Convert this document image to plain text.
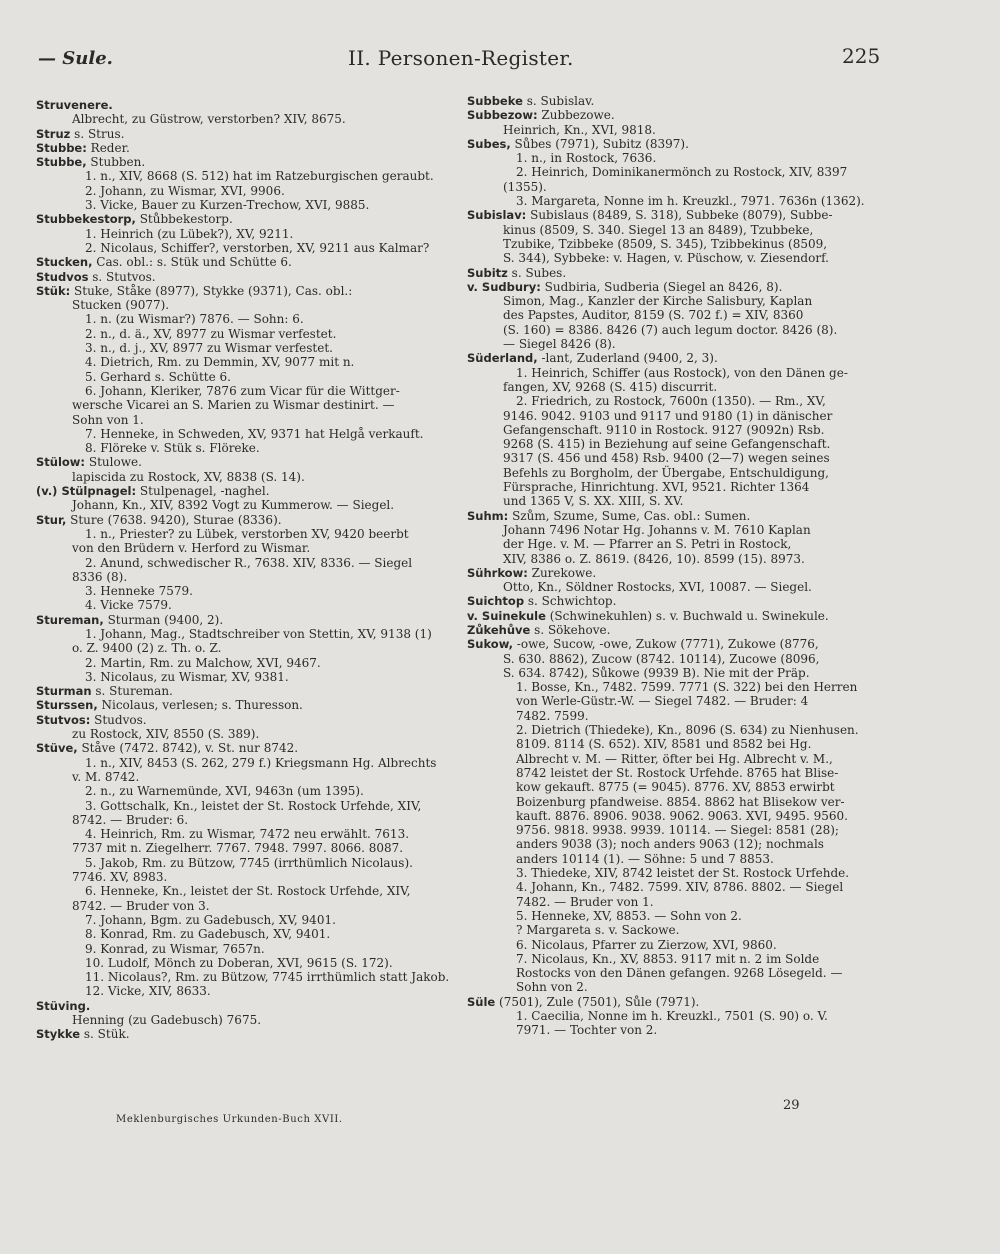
— Sule.	II. Personen-Register.	225
Struvenere.
Albrecht, zu Güstrow, verstorben? XIV, 8675.
Struz s. Strus.
Stubbe: Reder.
Stubbe, Stubben.
1. n., XIV, 8668 (S. 512) hat im Ratzeburgischen geraubt.
2. Johann, zu Wismar, XVI, 9906.
3. Vicke, Bauer zu Kurzen-Trechow, XVI, 9885.
Stubbekestorp, Stůbbekestorp.
1. Heinrich (zu Lübek?), XV, 9211.
2. Nicolaus, Schiffer?, verstorben, XV, 9211 aus Kalmar?
Stucken, Cas. obl.: s. Stük und Schütte 6.
Studvos s. Stutvos.
Stük: Stuke, Ståke (8977), Stykke (9371), Cas. obl.:
Stucken (9077).
1. n. (zu Wismar?) 7876. — Sohn: 6.
2. n., d. ä., XV, 8977 zu Wismar verfestet.
3. n., d. j., XV, 8977 zu Wismar verfestet.
4. Dietrich, Rm. zu Demmin, XV, 9077 mit n.
5. Gerhard s. Schütte 6.
6. Johann, Kleriker, 7876 zum Vicar für die Wittger-
wersche Vicarei an S. Marien zu Wismar destinirt. —
Sohn von 1.
7. Henneke, in Schweden, XV, 9371 hat Helgå verkauft.
8. Flöreke v. Stük s. Flöreke.
Stülow: Stulowe.
lapiscida zu Rostock, XV, 8838 (S. 14).
(v.) Stülpnagel: Stulpenagel, -naghel.
Johann, Kn., XIV, 8392 Vogt zu Kummerow. — Siegel.
Stur, Sture (7638. 9420), Sturae (8336).
1. n., Priester? zu Lübek, verstorben XV, 9420 beerbt
von den Brüdern v. Herford zu Wismar.
2. Anund, schwedischer R., 7638. XIV, 8336. — Siegel
8336 (8).
3. Henneke 7579.
4. Vicke 7579.
Stureman, Sturman (9400, 2).
1. Johann, Mag., Stadtschreiber von Stettin, XV, 9138 (1)
o. Z. 9400 (2) z. Th. o. Z.
2. Martin, Rm. zu Malchow, XVI, 9467.
3. Nicolaus, zu Wismar, XV, 9381.
Sturman s. Stureman.
Sturssen, Nicolaus, verlesen; s. Thuresson.
Stutvos: Studvos.
zu Rostock, XIV, 8550 (S. 389).
Stüve, Ståve (7472. 8742), v. St. nur 8742.
1. n., XIV, 8453 (S. 262, 279 f.) Kriegsmann Hg. Albrechts
v. M. 8742.
2. n., zu Warnemünde, XVI, 9463n (um 1395).
3. Gottschalk, Kn., leistet der St. Rostock Urfehde, XIV,
8742. — Bruder: 6.
4. Heinrich, Rm. zu Wismar, 7472 neu erwählt. 7613.
7737 mit n. Ziegelherr. 7767. 7948. 7997. 8066. 8087.
5. Jakob, Rm. zu Bützow, 7745 (irrthümlich Nicolaus).
7746. XV, 8983.
6. Henneke, Kn., leistet der St. Rostock Urfehde, XIV,
8742. — Bruder von 3.
7. Johann, Bgm. zu Gadebusch, XV, 9401.
8. Konrad, Rm. zu Gadebusch, XV, 9401.
9. Konrad, zu Wismar, 7657n.
10. Ludolf, Mönch zu Doberan, XVI, 9615 (S. 172).
11. Nicolaus?, Rm. zu Bützow, 7745 irrthümlich statt Jakob.
12. Vicke, XIV, 8633.
Stüving.
Henning (zu Gadebusch) 7675.
Stykke s. Stük.
Subbeke s. Subislav.
Subbezow: Zubbezowe.
Heinrich, Kn., XVI, 9818.
Subes, Sůbes (7971), Subitz (8397).
1. n., in Rostock, 7636.
2. Heinrich, Dominikanermönch zu Rostock, XIV, 8397
(1355).
3. Margareta, Nonne im h. Kreuzkl., 7971. 7636n (1362).
Subislav: Subislaus (8489, S. 318), Subbeke (8079), Subbe-
kinus (8509, S. 340. Siegel 13 an 8489), Tzubbeke,
Tzubike, Tzibbeke (8509, S. 345), Tzibbekinus (8509,
S. 344), Sybbeke: v. Hagen, v. Püschow, v. Ziesendorf.
Subitz s. Subes.
v. Sudbury: Sudbiria, Sudberia (Siegel an 8426, 8).
Simon, Mag., Kanzler der Kirche Salisbury, Kaplan
des Papstes, Auditor, 8159 (S. 702 f.) = XIV, 8360
(S. 160) = 8386. 8426 (7) auch legum doctor. 8426 (8).
— Siegel 8426 (8).
Süderland, -lant, Zuderland (9400, 2, 3).
1. Heinrich, Schiffer (aus Rostock), von den Dänen ge-
fangen, XV, 9268 (S. 415) discurrit.
2. Friedrich, zu Rostock, 7600n (1350). — Rm., XV,
9146. 9042. 9103 und 9117 und 9180 (1) in dänischer
Gefangenschaft. 9110 in Rostock. 9127 (9092n) Rsb.
9268 (S. 415) in Beziehung auf seine Gefangenschaft.
9317 (S. 456 und 458) Rsb. 9400 (2—7) wegen seines
Befehls zu Borgholm, der Übergabe, Entschuldigung,
Fürsprache, Hinrichtung. XVI, 9521. Richter 1364
und 1365 V, S. XX. XIII, S. XV.
Suhm: Szům, Szume, Sume, Cas. obl.: Sumen.
Johann 7496 Notar Hg. Johanns v. M. 7610 Kaplan
der Hge. v. M. — Pfarrer an S. Petri in Rostock,
XIV, 8386 o. Z. 8619. (8426, 10). 8599 (15). 8973.
Sührkow: Zurekowe.
Otto, Kn., Söldner Rostocks, XVI, 10087. — Siegel.
Suichtop s. Schwichtop.
v. Suinekule (Schwinekuhlen) s. v. Buchwald u. Swinekule.
Zůkehůve s. Sökehove.
Sukow, -owe, Sucow, -owe, Zukow (7771), Zukowe (8776,
S. 630. 8862), Zucow (8742. 10114), Zucowe (8096,
S. 634. 8742), Sůkowe (9939 B). Nie mit der Präp.
1. Bosse, Kn., 7482. 7599. 7771 (S. 322) bei den Herren
von Werle-Güstr.-W. — Siegel 7482. — Bruder: 4
7482. 7599.
2. Dietrich (Thiedeke), Kn., 8096 (S. 634) zu Nienhusen.
8109. 8114 (S. 652). XIV, 8581 und 8582 bei Hg.
Albrecht v. M. — Ritter, öfter bei Hg. Albrecht v. M.,
8742 leistet der St. Rostock Urfehde. 8765 hat Blise-
kow gekauft. 8775 (= 9045). 8776. XV, 8853 erwirbt
Boizenburg pfandweise. 8854. 8862 hat Blisekow ver-
kauft. 8876. 8906. 9038. 9062. 9063. XVI, 9495. 9560.
9756. 9818. 9938. 9939. 10114. — Siegel: 8581 (28);
anders 9038 (3); noch anders 9063 (12); nochmals
anders 10114 (1). — Söhne: 5 und 7 8853.
3. Thiedeke, XIV, 8742 leistet der St. Rostock Urfehde.
4. Johann, Kn., 7482. 7599. XIV, 8786. 8802. — Siegel
7482. — Bruder von 1.
5. Henneke, XV, 8853. — Sohn von 2.
? Margareta s. v. Sackowe.
6. Nicolaus, Pfarrer zu Zierzow, XVI, 9860.
7. Nicolaus, Kn., XV, 8853. 9117 mit n. 2 im Solde
Rostocks von den Dänen gefangen. 9268 Lösegeld. —
Sohn von 2.
Süle (7501), Zule (7501), Sůle (7971).
1. Caecilia, Nonne im h. Kreuzkl., 7501 (S. 90) o. V.
7971. — Tochter von 2.
Meklenburgisches Urkunden-Buch XVII.
29
